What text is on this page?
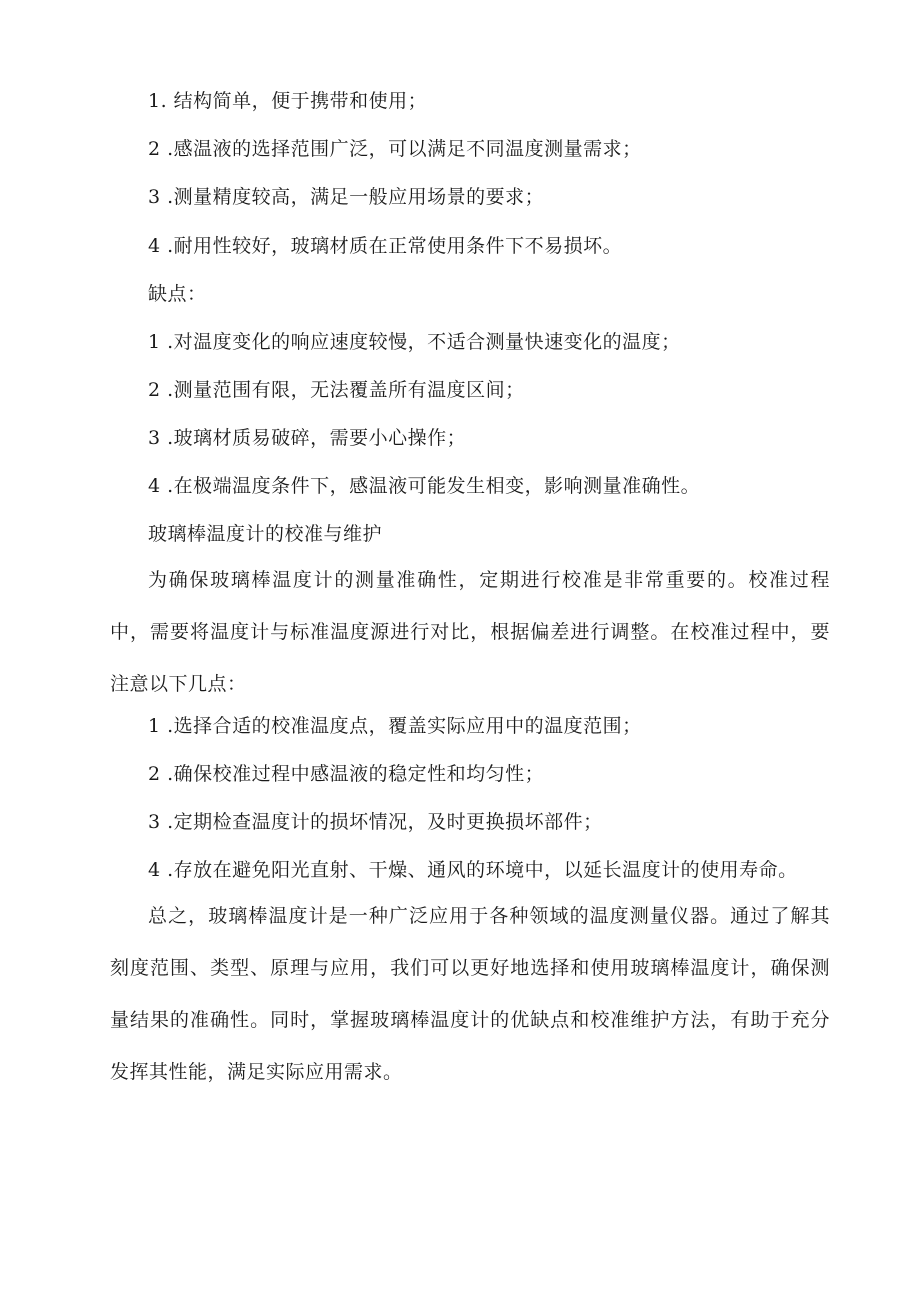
1. 结构简单，便于携带和使用；
2 .感温液的选择范围广泛，可以满足不同温度测量需求；
3 .测量精度较高，满足一般应用场景的要求；
4 .耐用性较好，玻璃材质在正常使用条件下不易损坏。
缺点：
1 .对温度变化的响应速度较慢，不适合测量快速变化的温度；
2 .测量范围有限，无法覆盖所有温度区间；
3 .玻璃材质易破碎，需要小心操作；
4 .在极端温度条件下，感温液可能发生相变，影响测量准确性。
玻璃棒温度计的校准与维护
为确保玻璃棒温度计的测量准确性，定期进行校准是非常重要的。校准过程中，需要将温度计与标准温度源进行对比，根据偏差进行调整。在校准过程中，要注意以下几点：
1 .选择合适的校准温度点，覆盖实际应用中的温度范围；
2 .确保校准过程中感温液的稳定性和均匀性；
3 .定期检查温度计的损坏情况，及时更换损坏部件；
4 .存放在避免阳光直射、干燥、通风的环境中，以延长温度计的使用寿命。
总之，玻璃棒温度计是一种广泛应用于各种领域的温度测量仪器。通过了解其刻度范围、类型、原理与应用，我们可以更好地选择和使用玻璃棒温度计，确保测量结果的准确性。同时，掌握玻璃棒温度计的优缺点和校准维护方法，有助于充分发挥其性能，满足实际应用需求。
